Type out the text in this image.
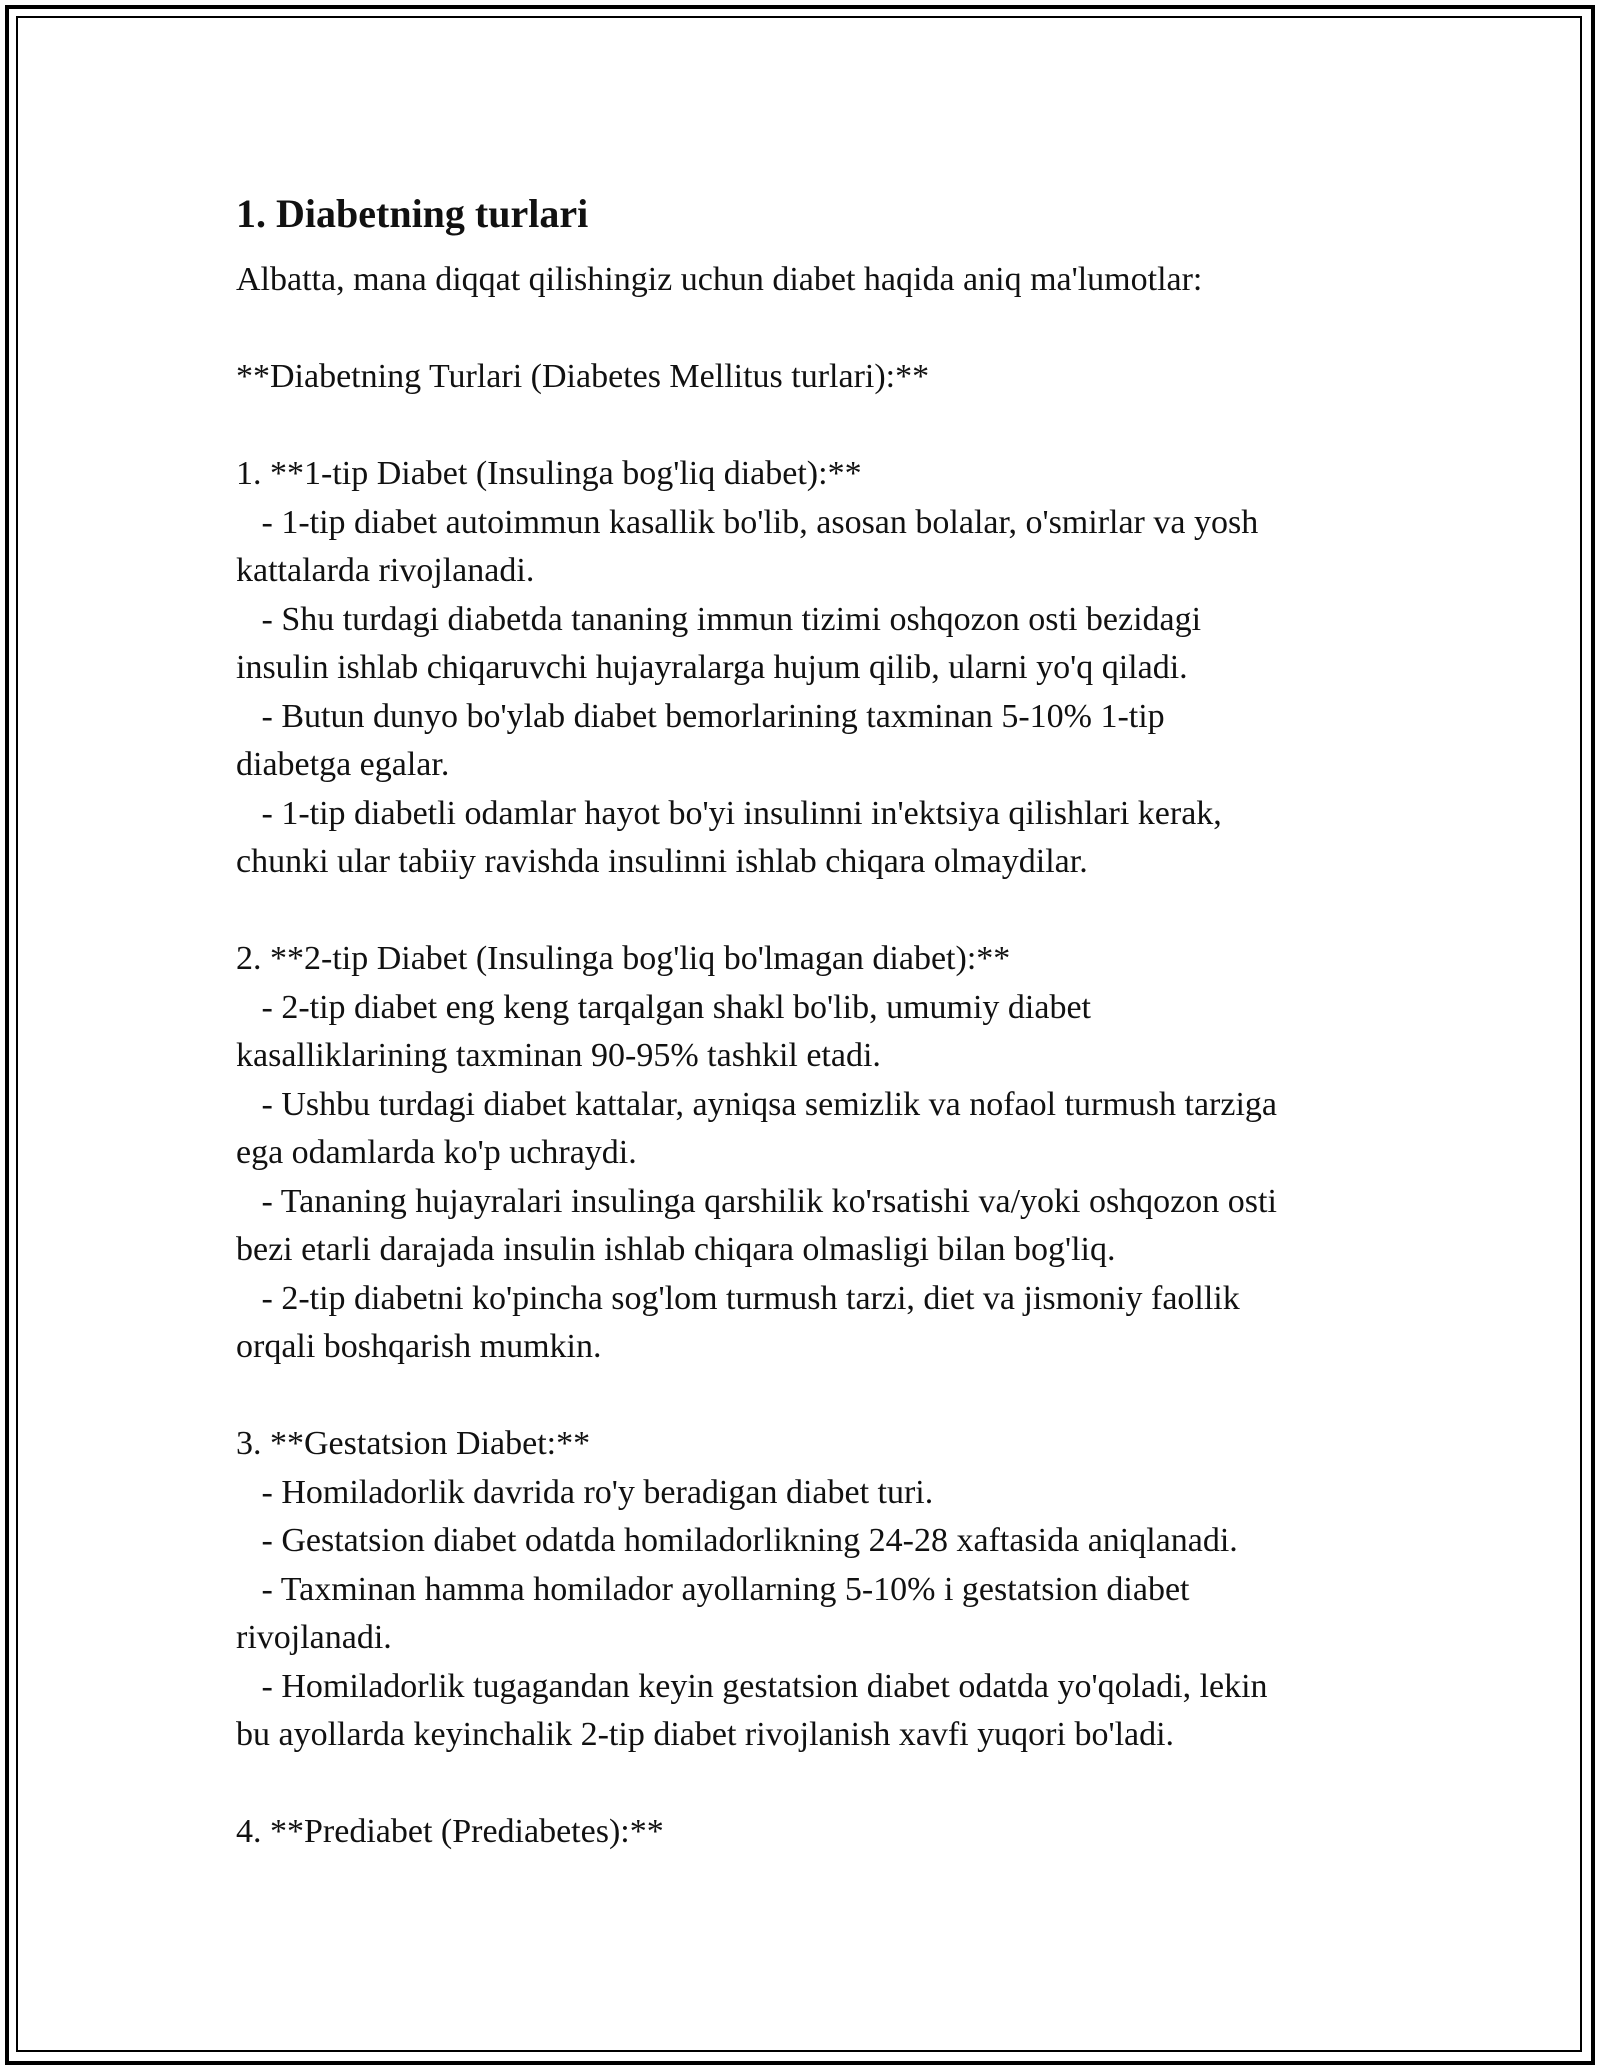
1. Diabetning turlari

Albatta, mana diqqat qilishingiz uchun diabet haqida aniq ma'lumotlar:

**Diabetning Turlari (Diabetes Mellitus turlari):**

1. **1-tip Diabet (Insulinga bog'liq diabet):**

- 1-tip diabet autoimmun kasallik bo'lib, asosan bolalar, o'smirlar va yosh

kattalarda rivojlanadi.

- Shu turdagi diabetda tananing immun tizimi oshqozon osti bezidagi

insulin ishlab chiqaruvchi hujayralarga hujum qilib, ularni yo'q qiladi.

- Butun dunyo bo'ylab diabet bemorlarining taxminan 5-10% 1-tip

diabetga egalar.

- 1-tip diabetli odamlar hayot bo'yi insulinni in'ektsiya qilishlari kerak,

chunki ular tabiiy ravishda insulinni ishlab chiqara olmaydilar.

2. **2-tip Diabet (Insulinga bog'liq bo'lmagan diabet):**

- 2-tip diabet eng keng tarqalgan shakl bo'lib, umumiy diabet

kasalliklarining taxminan 90-95% tashkil etadi.

- Ushbu turdagi diabet kattalar, ayniqsa semizlik va nofaol turmush tarziga

ega odamlarda ko'p uchraydi.

- Tananing hujayralari insulinga qarshilik ko'rsatishi va/yoki oshqozon osti

bezi etarli darajada insulin ishlab chiqara olmasligi bilan bog'liq.

- 2-tip diabetni ko'pincha sog'lom turmush tarzi, diet va jismoniy faollik

orqali boshqarish mumkin.

3. **Gestatsion Diabet:**

- Homiladorlik davrida ro'y beradigan diabet turi.

- Gestatsion diabet odatda homiladorlikning 24-28 xaftasida aniqlanadi.

- Taxminan hamma homilador ayollarning 5-10% i gestatsion diabet

rivojlanadi.

- Homiladorlik tugagandan keyin gestatsion diabet odatda yo'qoladi, lekin

bu ayollarda keyinchalik 2-tip diabet rivojlanish xavfi yuqori bo'ladi.

4. **Prediabet (Prediabetes):**
